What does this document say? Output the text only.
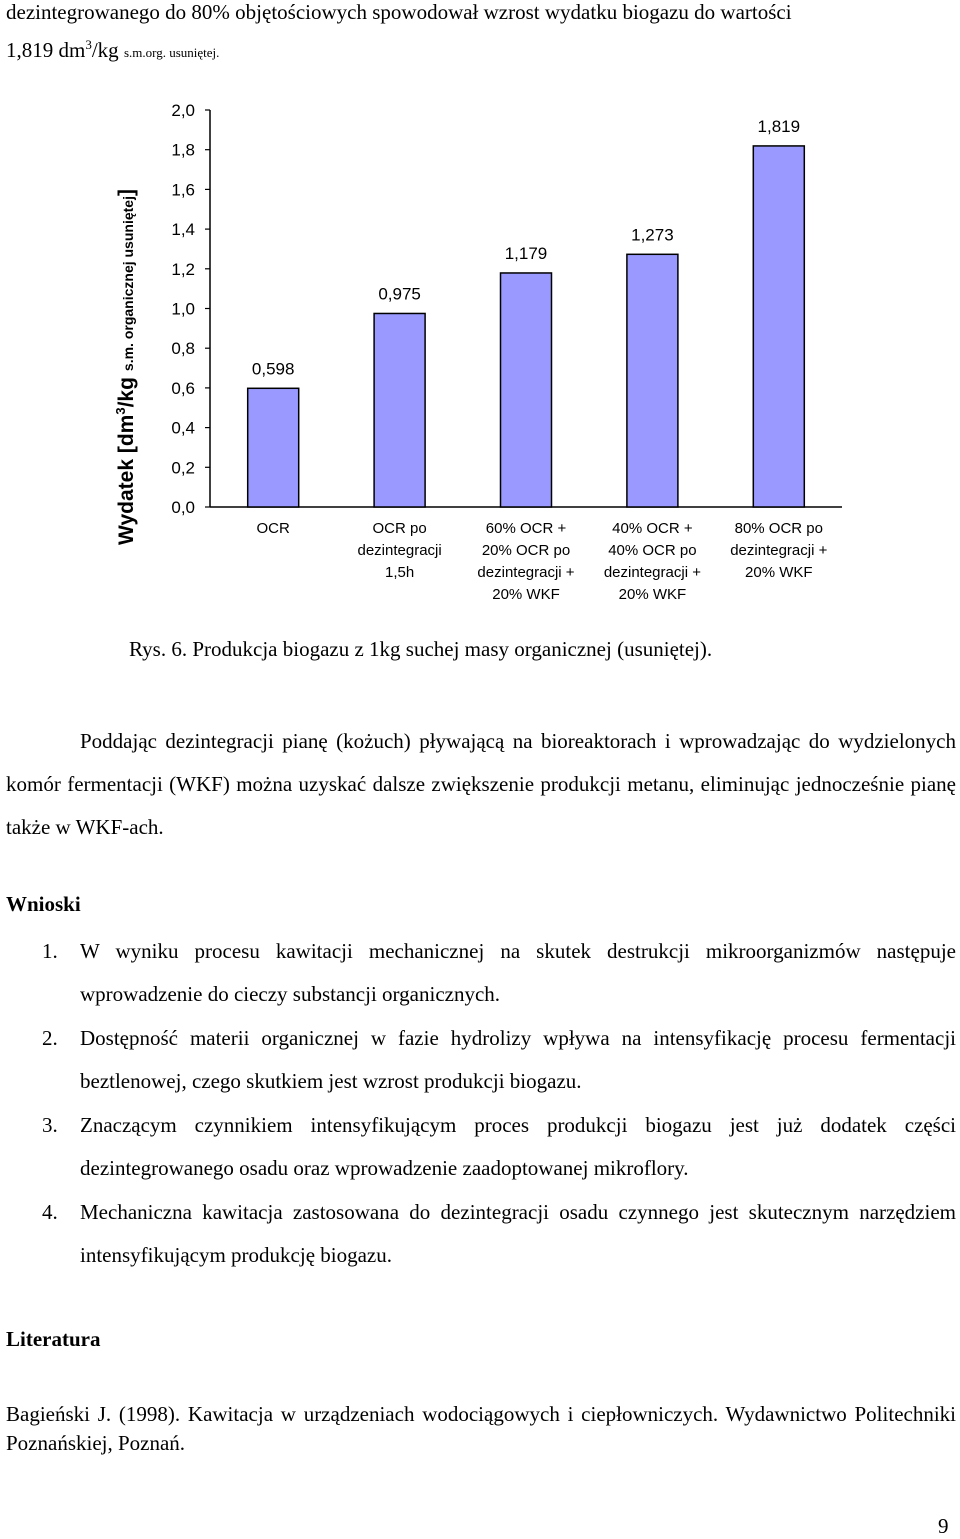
dezintegrowanego do 80% objętościowych spowodował wzrost wydatku biogazu do wartości
1,819 $dm^3/kg$ s.m.org. usuniętej.
Wydatek [$dm^3/kgs.m$. organicznej usuniętej]
0,0
0,2
0,4
0,6
0,8
1,0
1,2
1,4
1,6
1,8
2,0
0,598
OCR
0,975
OCR po
dezintegracji
1,5h
1,179
60% OCR +
20% OCR po
dezintegracji +
20% WKF
1,273
40% OCR +
40% OCR po
dezintegracji +
20% WKF
1,819
80% OCR po
dezintegracji +
20% WKF
Rys. 6. Produkcja biogazu z 1kg suchej masy organicznej (usuniętej).
Poddając dezintegracji pianę (kożuch) pływającą na bioreaktorach i wprowadzając do wydzielonych komór fermentacji (WKF) można uzyskać dalsze zwiększenie produkcji metanu, eliminując jednocześnie pianę także w WKF-ach.
Wnioski
1. W wyniku procesu kawitacji mechanicznej na skutek destrukcji mikroorganizmów następuje wprowadzenie do cieczy substancji organicznych.
2. Dostępność materii organicznej w fazie hydrolizy wpływa na intensyfikację procesu fermentacji beztlenowej, czego skutkiem jest wzrost produkcji biogazu.
3. Znaczącym czynnikiem intensyfikującym proces produkcji biogazu jest już dodatek części dezintegrowanego osadu oraz wprowadzenie zaadoptowanej mikroflory.
4. Mechaniczna kawitacja zastosowana do dezintegracji osadu czynnego jest skutecznym narzędziem intensyfikującym produkcję biogazu.
Literatura
Bagieński J. (1998). Kawitacja w urządzeniach wodociągowych i ciepłowniczych. Wydawnictwo Politechniki Poznańskiej, Poznań.
9
